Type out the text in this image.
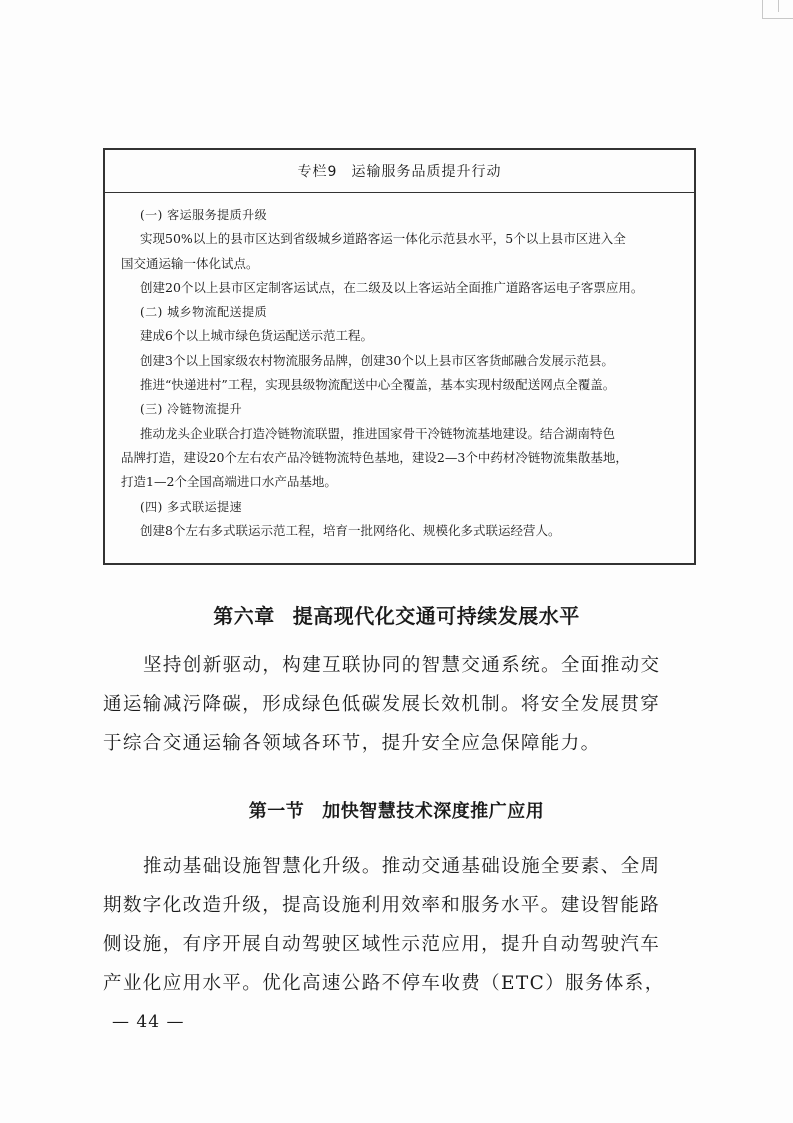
专栏9 运输服务品质提升行动
(一) 客运服务提质升级
实现50%以上的县市区达到省级城乡道路客运一体化示范县水平，5个以上县市区进入全
国交通运输一体化试点。
创建20个以上县市区定制客运试点，在二级及以上客运站全面推广道路客运电子客票应用。
(二) 城乡物流配送提质
建成6个以上城市绿色货运配送示范工程。
创建3个以上国家级农村物流服务品牌，创建30个以上县市区客货邮融合发展示范县。
推进“快递进村”工程，实现县级物流配送中心全覆盖，基本实现村级配送网点全覆盖。
(三) 冷链物流提升
推动龙头企业联合打造冷链物流联盟，推进国家骨干冷链物流基地建设。结合湖南特色
品牌打造，建设20个左右农产品冷链物流特色基地，建设2—3个中药材冷链物流集散基地，
打造1—2个全国高端进口水产品基地。
(四) 多式联运提速
创建8个左右多式联运示范工程，培育一批网络化、规模化多式联运经营人。
第六章 提高现代化交通可持续发展水平
坚持创新驱动，构建互联协同的智慧交通系统。全面推动交
通运输减污降碳，形成绿色低碳发展长效机制。将安全发展贯穿
于综合交通运输各领域各环节，提升安全应急保障能力。
第一节 加快智慧技术深度推广应用
推动基础设施智慧化升级。推动交通基础设施全要素、全周
期数字化改造升级，提高设施利用效率和服务水平。建设智能路
侧设施，有序开展自动驾驶区域性示范应用，提升自动驾驶汽车
产业化应用水平。优化高速公路不停车收费（ETC）服务体系，
— 44 —
